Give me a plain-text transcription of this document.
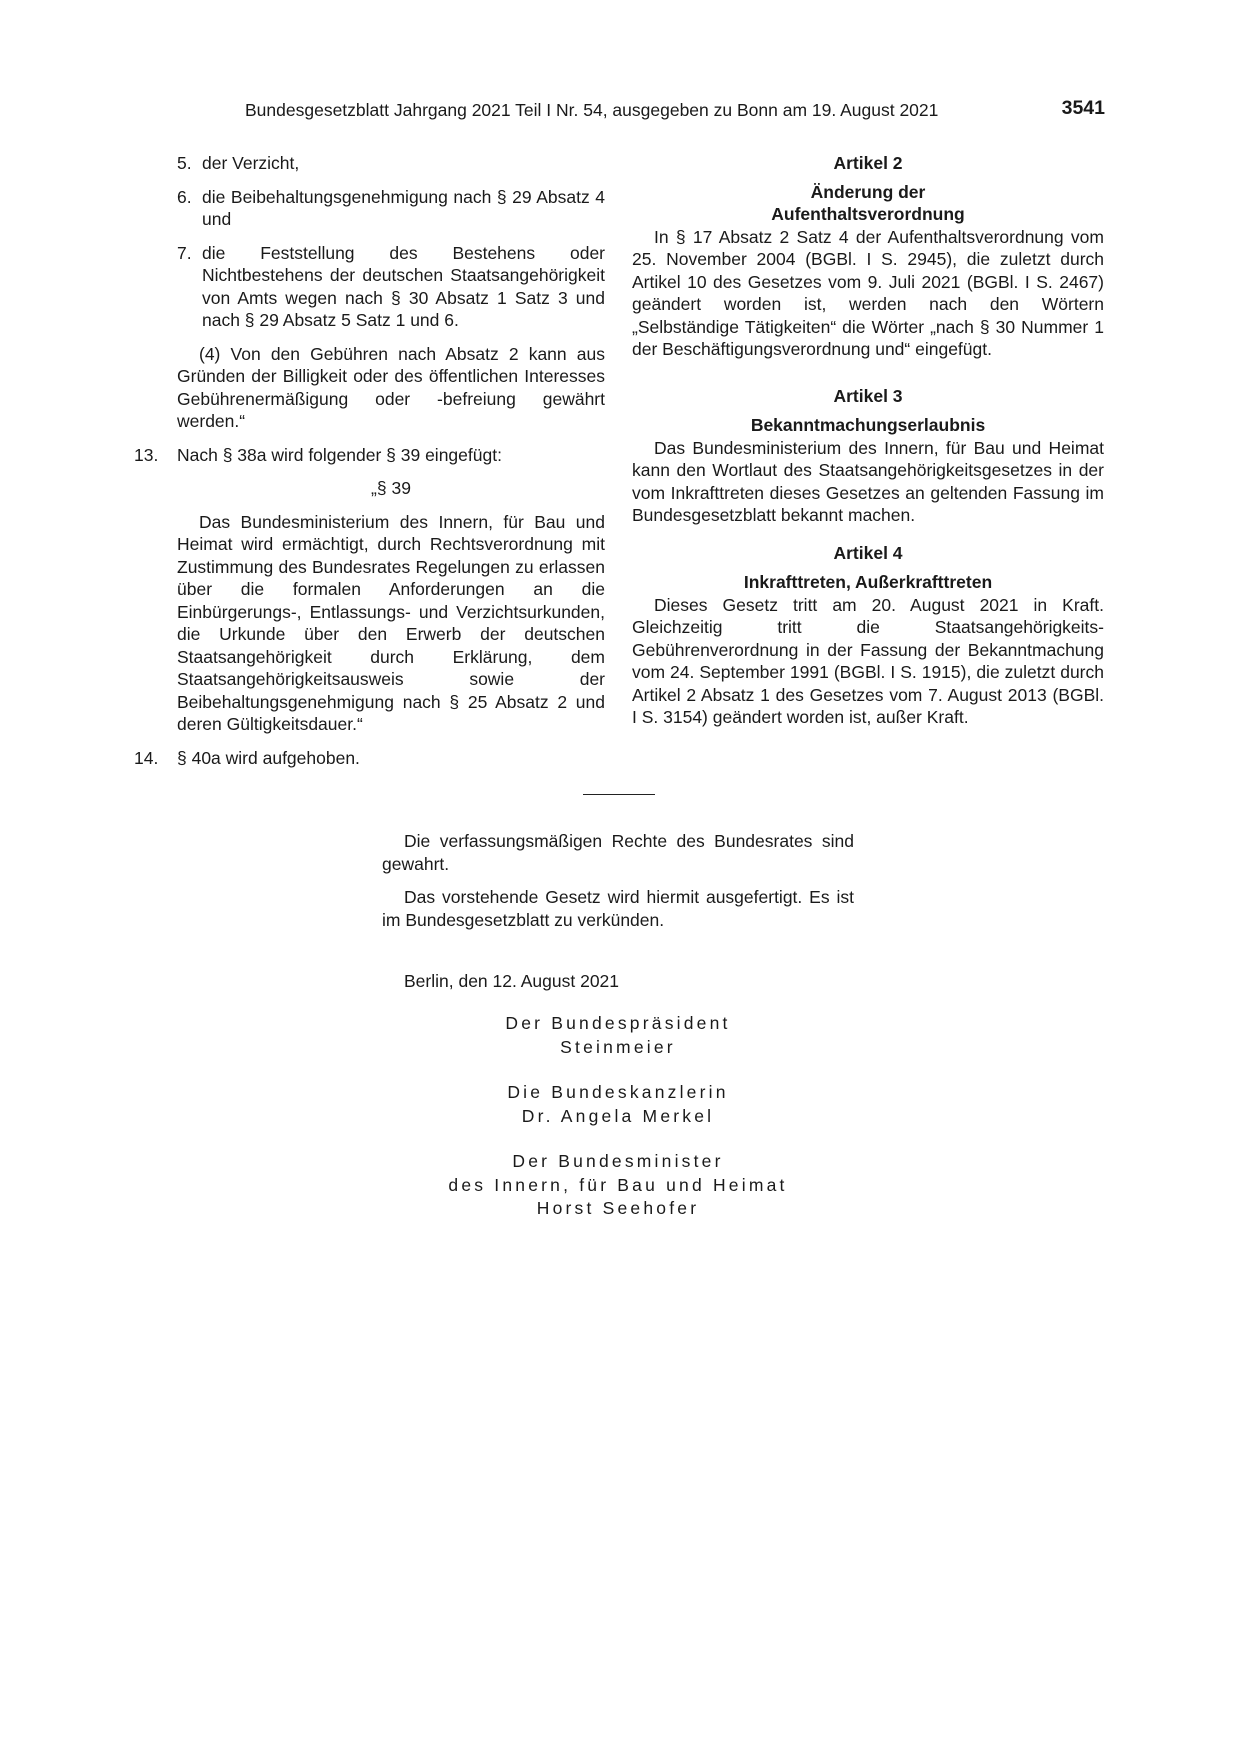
Bundesgesetzblatt Jahrgang 2021 Teil I Nr. 54, ausgegeben zu Bonn am 19. August 2021	3541
5. der Verzicht,
6. die Beibehaltungsgenehmigung nach § 29 Absatz 4 und
7. die Feststellung des Bestehens oder Nichtbestehens der deutschen Staatsangehörigkeit von Amts wegen nach § 30 Absatz 1 Satz 3 und nach § 29 Absatz 5 Satz 1 und 6.
(4) Von den Gebühren nach Absatz 2 kann aus Gründen der Billigkeit oder des öffentlichen Interesses Gebührenermäßigung oder -befreiung gewährt werden.“
13. Nach § 38a wird folgender § 39 eingefügt:
„§ 39
Das Bundesministerium des Innern, für Bau und Heimat wird ermächtigt, durch Rechtsverordnung mit Zustimmung des Bundesrates Regelungen zu erlassen über die formalen Anforderungen an die Einbürgerungs-, Entlassungs- und Verzichtsurkunden, die Urkunde über den Erwerb der deutschen Staatsangehörigkeit durch Erklärung, dem Staatsangehörigkeitsausweis sowie der Beibehaltungsgenehmigung nach § 25 Absatz 2 und deren Gültigkeitsdauer.“
14. § 40a wird aufgehoben.
Artikel 2
Änderung der
Aufenthaltsverordnung
In § 17 Absatz 2 Satz 4 der Aufenthaltsverordnung vom 25. November 2004 (BGBl. I S. 2945), die zuletzt durch Artikel 10 des Gesetzes vom 9. Juli 2021 (BGBl. I S. 2467) geändert worden ist, werden nach den Wörtern „Selbständige Tätigkeiten“ die Wörter „nach § 30 Nummer 1 der Beschäftigungsverordnung und“ eingefügt.
Artikel 3
Bekanntmachungserlaubnis
Das Bundesministerium des Innern, für Bau und Heimat kann den Wortlaut des Staatsangehörigkeitsgesetzes in der vom Inkrafttreten dieses Gesetzes an geltenden Fassung im Bundesgesetzblatt bekannt machen.
Artikel 4
Inkrafttreten, Außerkrafttreten
Dieses Gesetz tritt am 20. August 2021 in Kraft. Gleichzeitig tritt die Staatsangehörigkeits-Gebührenverordnung in der Fassung der Bekanntmachung vom 24. September 1991 (BGBl. I S. 1915), die zuletzt durch Artikel 2 Absatz 1 des Gesetzes vom 7. August 2013 (BGBl. I S. 3154) geändert worden ist, außer Kraft.
Die verfassungsmäßigen Rechte des Bundesrates sind gewahrt.
Das vorstehende Gesetz wird hiermit ausgefertigt. Es ist im Bundesgesetzblatt zu verkünden.
Berlin, den 12. August 2021
Der Bundespräsident
Steinmeier
Die Bundeskanzlerin
Dr. Angela Merkel
Der Bundesminister
des Innern, für Bau und Heimat
Horst Seehofer
